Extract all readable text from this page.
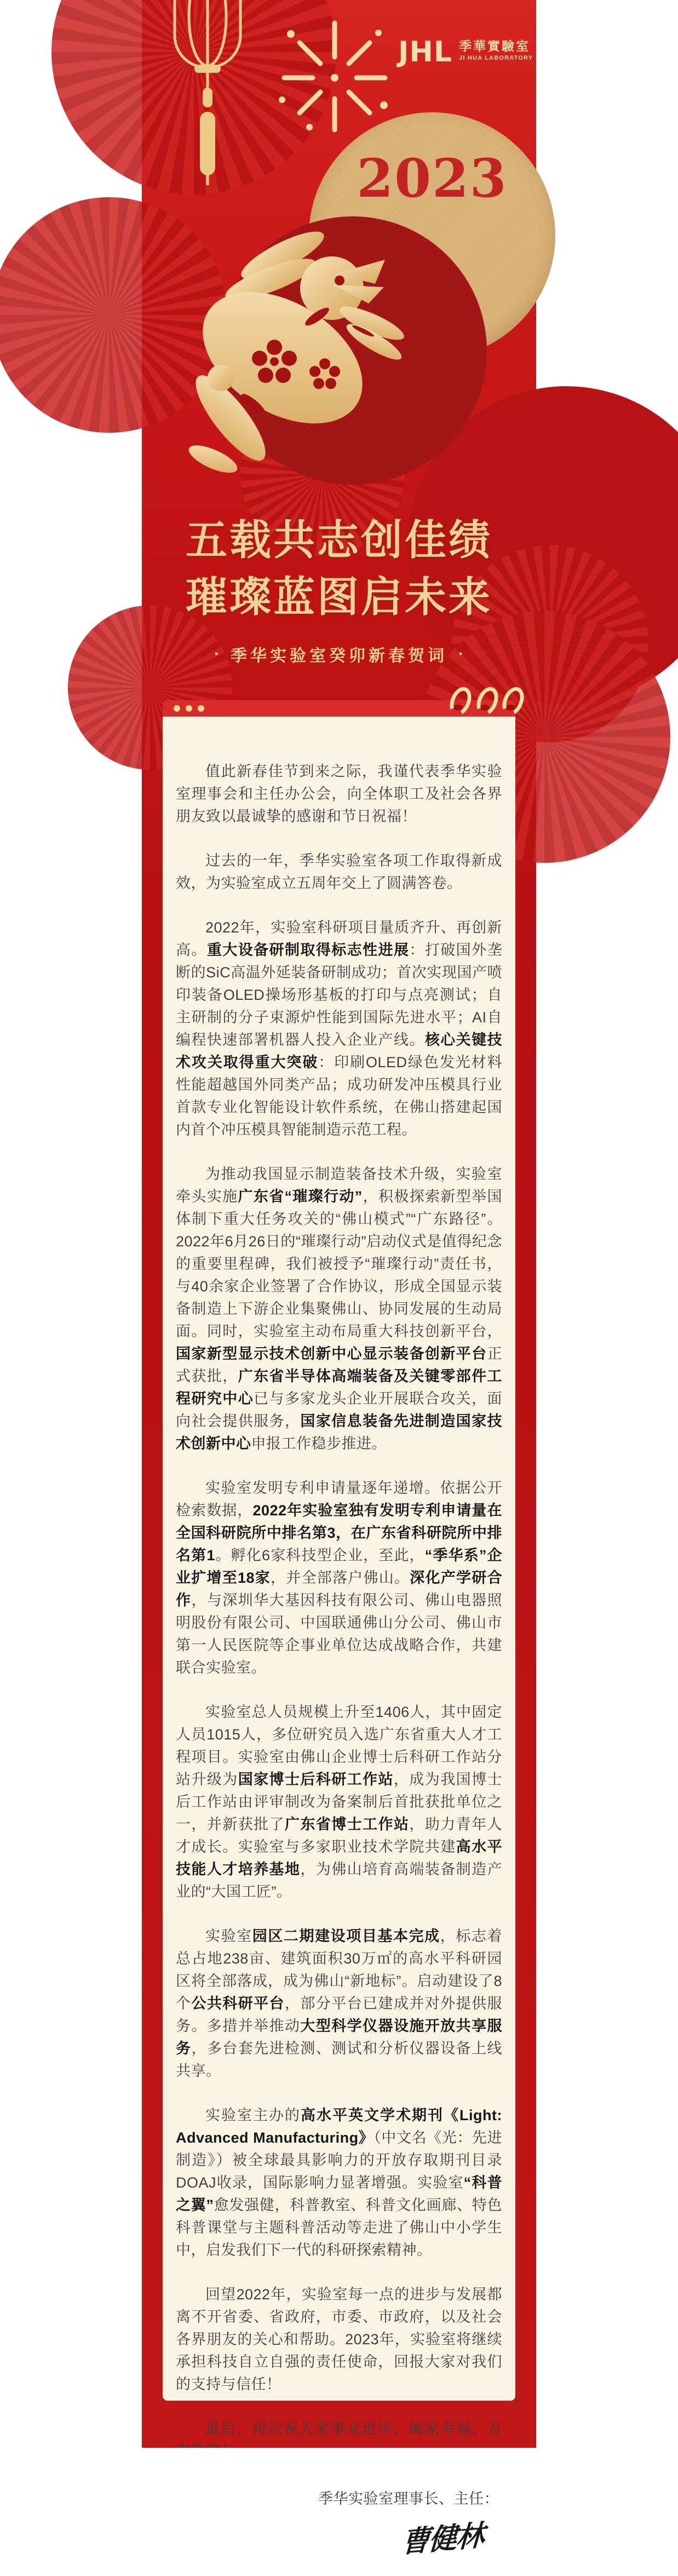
2023
JHL 季華實驗室
JI HUA LABORATORY
五载共志创佳绩
璀璨蓝图启未来
· 季华实验室癸卯新春贺词 ·

值此新春佳节到来之际，我谨代表季华实验室理事会和主任办公会，向全体职工及社会各界朋友致以最诚挚的感谢和节日祝福！

过去的一年，季华实验室各项工作取得新成效，为实验室成立五周年交上了圆满答卷。

2022年，实验室科研项目量质齐升、再创新高。重大设备研制取得标志性进展：打破国外垄断的SiC高温外延装备研制成功；首次实现国产喷印装备OLED操场形基板的打印与点亮测试；自主研制的分子束源炉性能到国际先进水平；AI自编程快速部署机器人投入企业产线。核心关键技术攻关取得重大突破：印刷OLED绿色发光材料性能超越国外同类产品；成功研发冲压模具行业首款专业化智能设计软件系统，在佛山搭建起国内首个冲压模具智能制造示范工程。

为推动我国显示制造装备技术升级，实验室牵头实施广东省“璀璨行动”，积极探索新型举国体制下重大任务攻关的“佛山模式”“广东路径”。2022年6月26日的“璀璨行动”启动仪式是值得纪念的重要里程碑，我们被授予“璀璨行动”责任书，与40余家企业签署了合作协议，形成全国显示装备制造上下游企业集聚佛山、协同发展的生动局面。同时，实验室主动布局重大科技创新平台，国家新型显示技术创新中心显示装备创新平台正式获批，广东省半导体高端装备及关键零部件工程研究中心已与多家龙头企业开展联合攻关，面向社会提供服务，国家信息装备先进制造国家技术创新中心申报工作稳步推进。

实验室发明专利申请量逐年递增。依据公开检索数据，2022年实验室独有发明专利申请量在全国科研院所中排名第3，在广东省科研院所中排名第1。孵化6家科技型企业，至此，“季华系”企业扩增至18家，并全部落户佛山。深化产学研合作，与深圳华大基因科技有限公司、佛山电器照明股份有限公司、中国联通佛山分公司、佛山市第一人民医院等企事业单位达成战略合作，共建联合实验室。

实验室总人员规模上升至1406人，其中固定人员1015人，多位研究员入选广东省重大人才工程项目。实验室由佛山企业博士后科研工作站分站升级为国家博士后科研工作站，成为我国博士后工作站由评审制改为备案制后首批获批单位之一，并新获批了广东省博士工作站，助力青年人才成长。实验室与多家职业技术学院共建高水平技能人才培养基地，为佛山培育高端装备制造产业的“大国工匠”。

实验室园区二期建设项目基本完成，标志着总占地238亩、建筑面积30万㎡的高水平科研园区将全部落成，成为佛山“新地标”。启动建设了8个公共科研平台，部分平台已建成并对外提供服务。多措并举推动大型科学仪器设施开放共享服务，多台套先进检测、测试和分析仪器设备上线共享。

实验室主办的高水平英文学术期刊《Light: Advanced Manufacturing》（中文名《光：先进制造》）被全球最具影响力的开放存取期刊目录DOAJ收录，国际影响力显著增强。实验室“科普之翼”愈发强健，科普教室、科普文化画廊、特色科普课堂与主题科普活动等走进了佛山中小学生中，启发我们下一代的科研探索精神。

回望2022年，实验室每一点的进步与发展都离不开省委、省政府，市委、市政府，以及社会各界朋友的关心和帮助。2023年，实验室将继续承担科技自立自强的责任使命，回报大家对我们的支持与信任！

最后，再次祝大家事业进步、阖家幸福、万

季华实验室理事长、主任：

曹健林
